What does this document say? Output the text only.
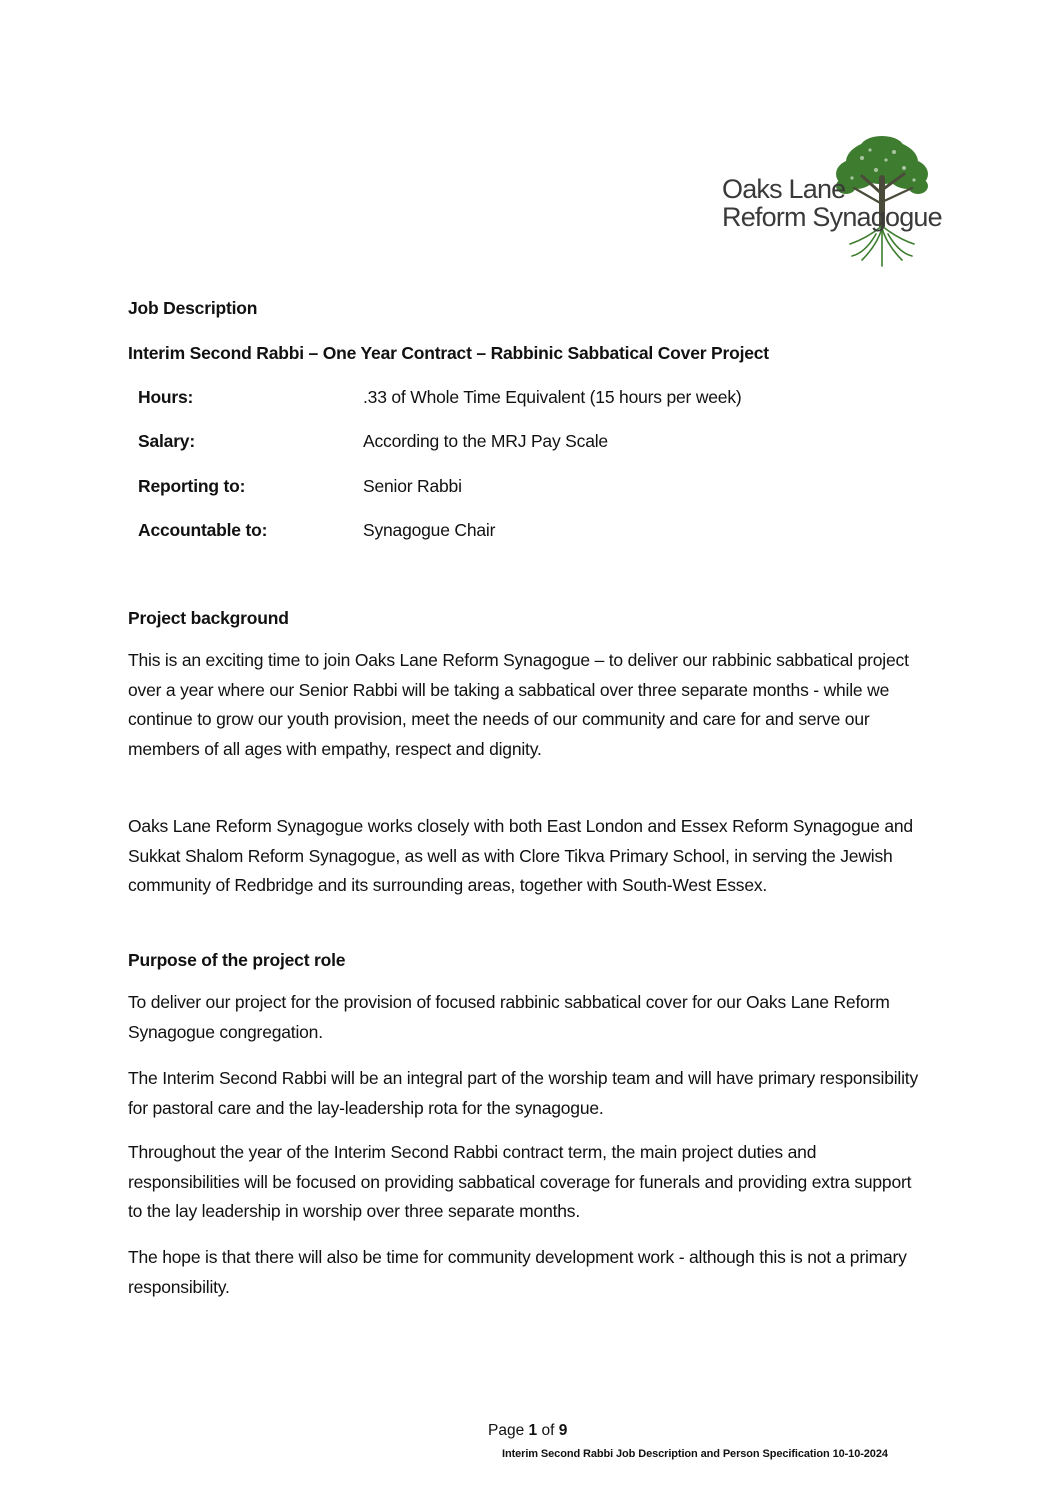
Oaks Lane
Reform Synagogue
Job Description
Interim Second Rabbi – One Year Contract – Rabbinic Sabbatical Cover Project
Hours:	.33 of Whole Time Equivalent (15 hours per week)
Salary:	According to the MRJ Pay Scale
Reporting to:	Senior Rabbi
Accountable to:	Synagogue Chair
Project background
This is an exciting time to join Oaks Lane Reform Synagogue – to deliver our rabbinic sabbatical project over a year where our Senior Rabbi will be taking a sabbatical over three separate months - while we continue to grow our youth provision, meet the needs of our community and care for and serve our members of all ages with empathy, respect and dignity.
Oaks Lane Reform Synagogue works closely with both East London and Essex Reform Synagogue and Sukkat Shalom Reform Synagogue, as well as with Clore Tikva Primary School, in serving the Jewish community of Redbridge and its surrounding areas, together with South-West Essex.
Purpose of the project role
To deliver our project for the provision of focused rabbinic sabbatical cover for our Oaks Lane Reform Synagogue congregation.
The Interim Second Rabbi will be an integral part of the worship team and will have primary responsibility for pastoral care and the lay-leadership rota for the synagogue.
Throughout the year of the Interim Second Rabbi contract term, the main project duties and responsibilities will be focused on providing sabbatical coverage for funerals and providing extra support to the lay leadership in worship over three separate months.
The hope is that there will also be time for community development work - although this is not a primary responsibility.
Page 1 of 9
Interim Second Rabbi Job Description and Person Specification 10-10-2024
